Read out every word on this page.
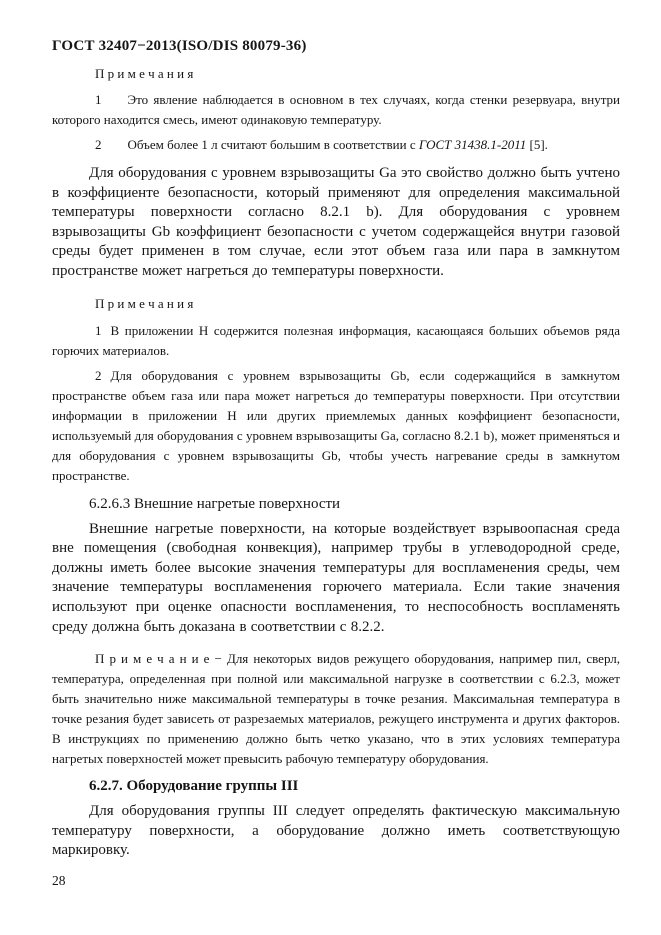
ГОСТ 32407−2013(ISO/DIS 80079-36)

П р и м е ч а н и я

1 Это явление наблюдается в основном в тех случаях, когда стенки резервуара, внутри которого находится смесь, имеют одинаковую температуру.

2 Объем более 1 л считают большим в соответствии с ГОСТ 31438.1-2011 [5].

Для оборудования с уровнем взрывозащиты Ga это свойство должно быть учтено в коэффициенте безопасности, который применяют для определения максимальной температуры поверхности согласно 8.2.1 b). Для оборудования с уровнем взрывозащиты Gb коэффициент безопасности с учетом содержащейся внутри газовой среды будет применен в том случае, если этот объем газа или пара в замкнутом пространстве может нагреться до температуры поверхности.

П р и м е ч а н и я

1 В приложении Н содержится полезная информация, касающаяся больших объемов ряда горючих материалов.

2 Для оборудования с уровнем взрывозащиты Gb, если содержащийся в замкнутом пространстве объем газа или пара может нагреться до температуры поверхности. При отсутствии информации в приложении Н или других приемлемых данных коэффициент безопасности, используемый для оборудования с уровнем взрывозащиты Ga, согласно 8.2.1 b), может применяться и для оборудования с уровнем взрывозащиты Gb, чтобы учесть нагревание среды в замкнутом пространстве.

6.2.6.3 Внешние нагретые поверхности

Внешние нагретые поверхности, на которые воздействует взрывоопасная среда вне помещения (свободная конвекция), например трубы в углеводородной среде, должны иметь более высокие значения температуры для воспламенения среды, чем значение температуры воспламенения горючего материала. Если такие значения используют при оценке опасности воспламенения, то неспособность воспламенять среду должна быть доказана в соответствии с 8.2.2.

П р и м е ч а н и е − Для некоторых видов режущего оборудования, например пил, сверл, температура, определенная при полной или максимальной нагрузке в соответствии с 6.2.3, может быть значительно ниже максимальной температуры в точке резания. Максимальная температура в точке резания будет зависеть от разрезаемых материалов, режущего инструмента и других факторов. В инструкциях по применению должно быть четко указано, что в этих условиях температура нагретых поверхностей может превысить рабочую температуру оборудования.

6.2.7. Оборудование группы III

Для оборудования группы III следует определять фактическую максимальную температуру поверхности, а оборудование должно иметь соответствующую маркировку.

28
